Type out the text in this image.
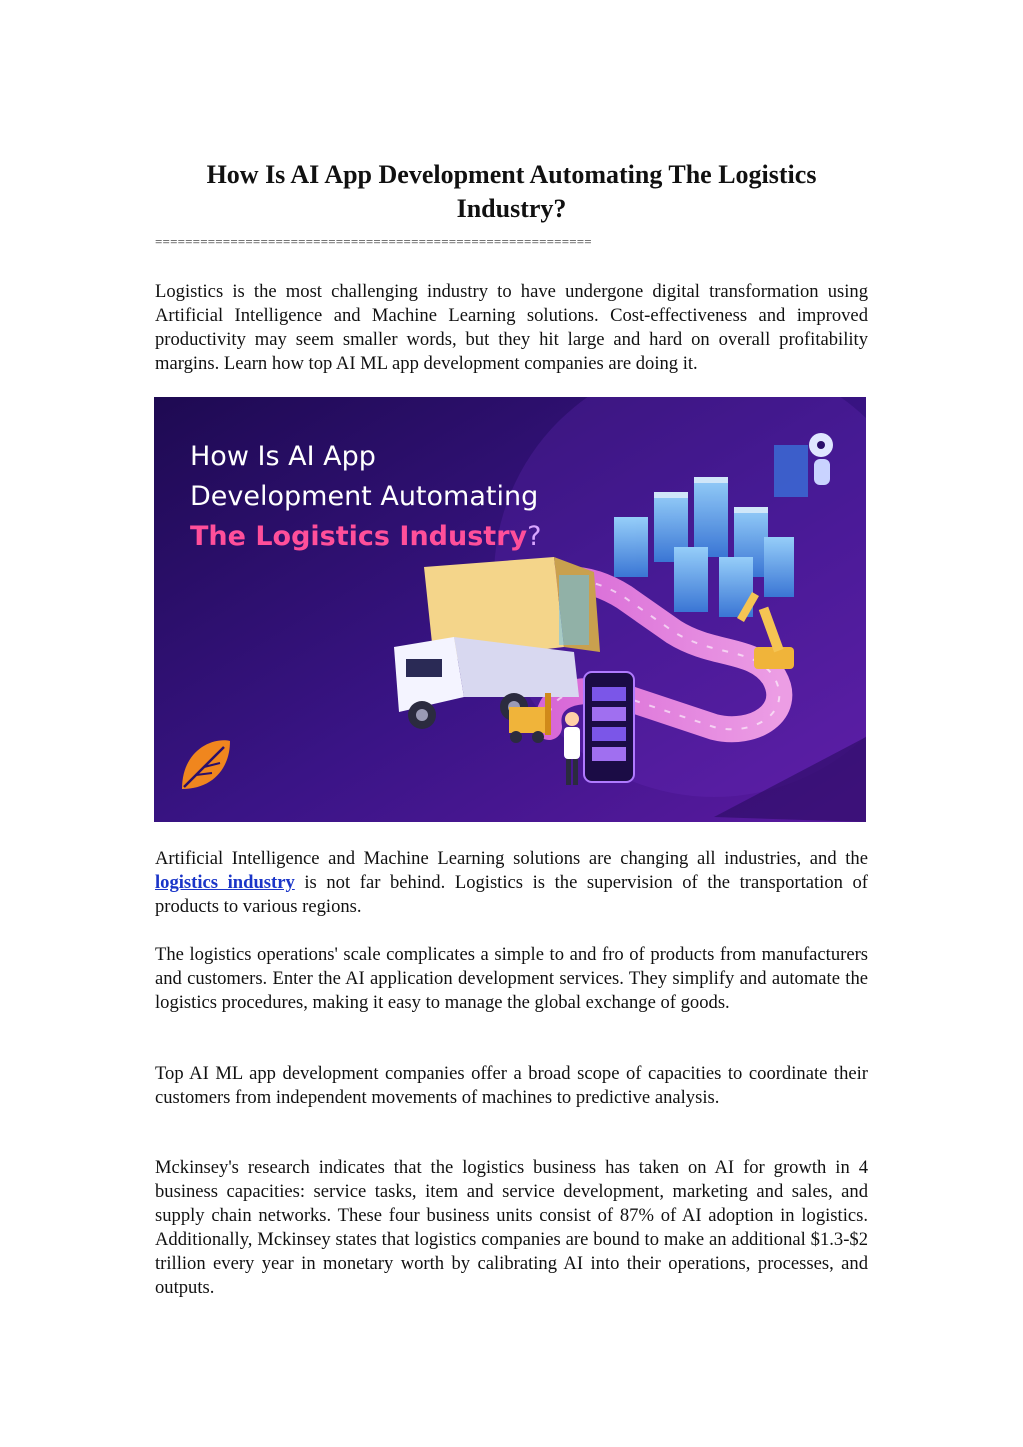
How Is AI App Development Automating The Logistics Industry?
==========================================================

Logistics is the most challenging industry to have undergone digital transformation using Artificial Intelligence and Machine Learning solutions. Cost-effectiveness and improved productivity may seem smaller words, but they hit large and hard on overall profitability margins. Learn how top AI ML app development companies are doing it.

How Is AI App
Development Automating
The Logistics Industry?

Artificial Intelligence and Machine Learning solutions are changing all industries, and the logistics industry is not far behind. Logistics is the supervision of the transportation of products to various regions.

The logistics operations' scale complicates a simple to and fro of products from manufacturers and customers. Enter the AI application development services. They simplify and automate the logistics procedures, making it easy to manage the global exchange of goods.

Top AI ML app development companies offer a broad scope of capacities to coordinate their customers from independent movements of machines to predictive analysis.

Mckinsey's research indicates that the logistics business has taken on AI for growth in 4 business capacities: service tasks, item and service development, marketing and sales, and supply chain networks. These four business units consist of 87% of AI adoption in logistics. Additionally, Mckinsey states that logistics companies are bound to make an additional $1.3-$2 trillion every year in monetary worth by calibrating AI into their operations, processes, and outputs.
